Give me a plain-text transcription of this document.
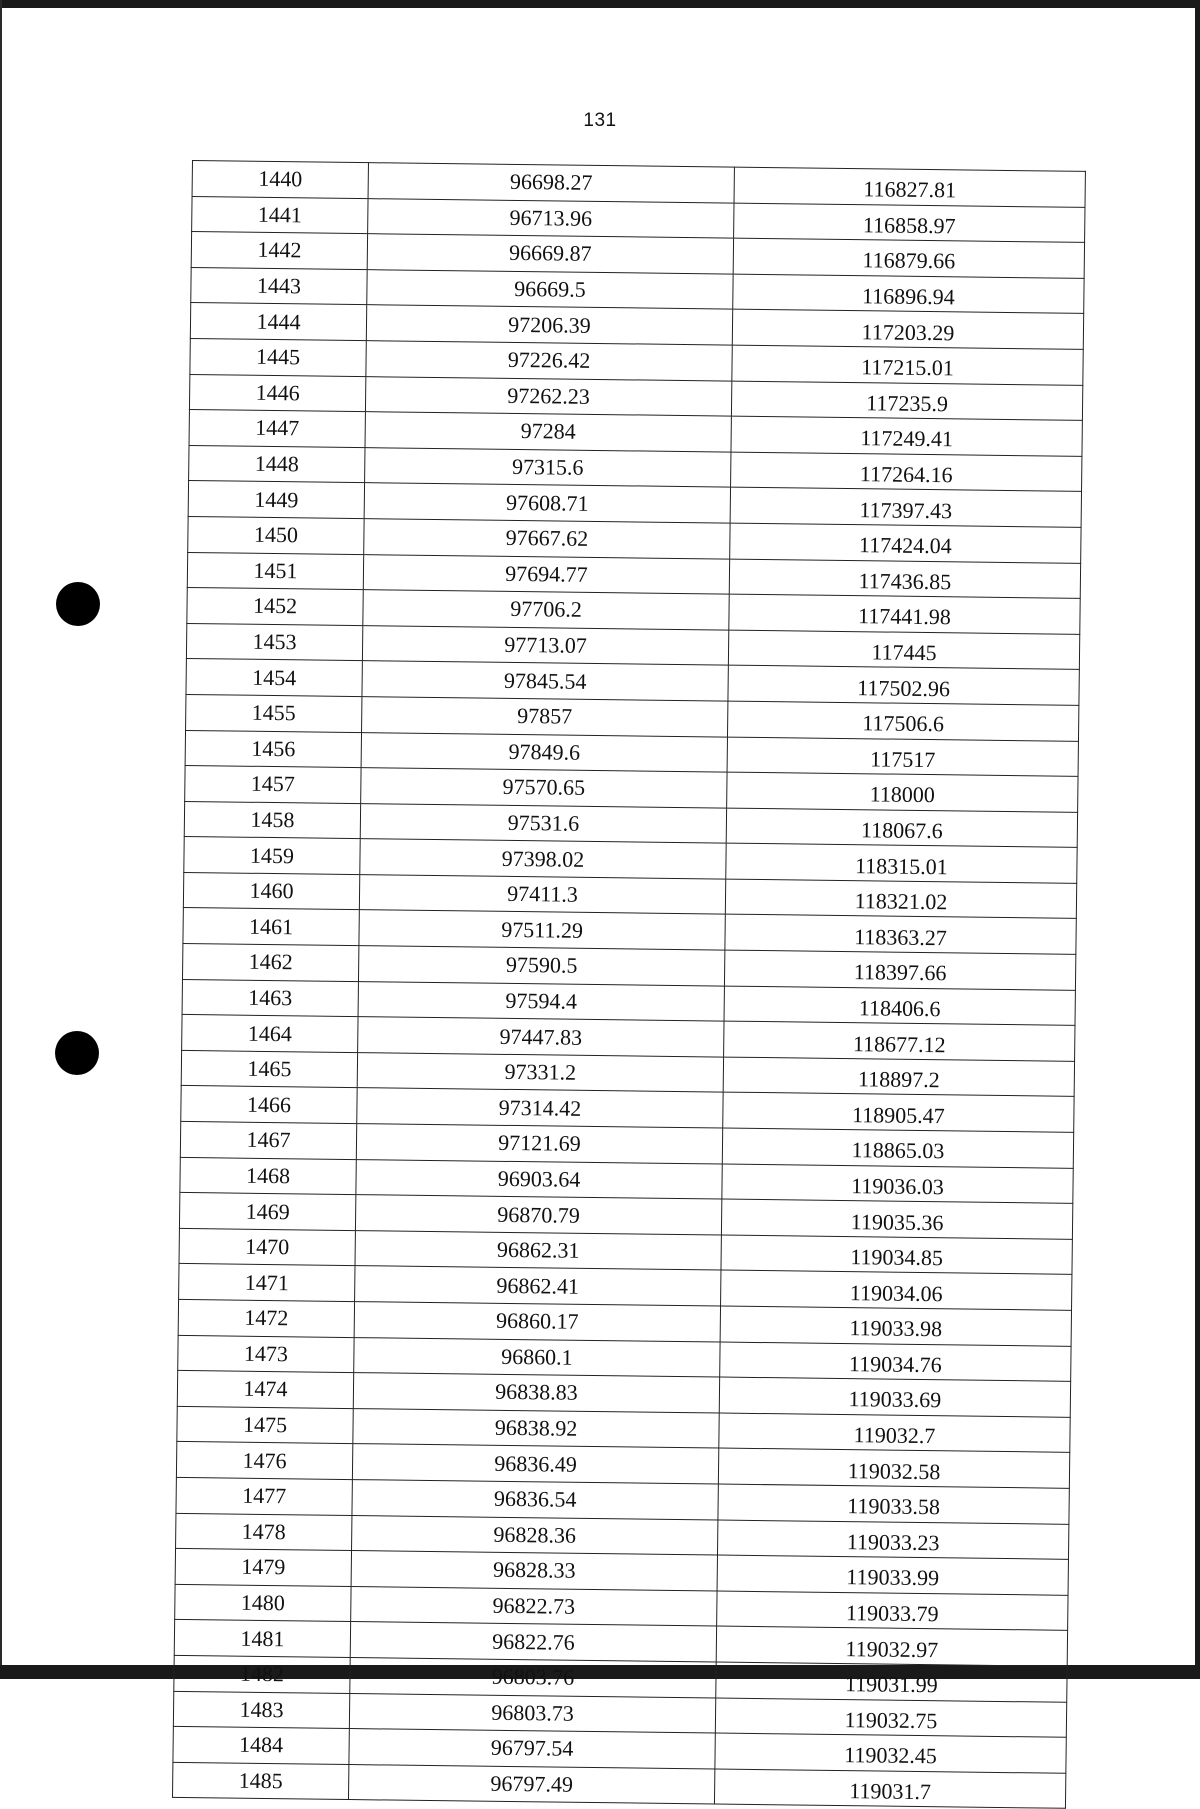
131
1440	96698.27	116827.81
1441	96713.96	116858.97
1442	96669.87	116879.66
1443	96669.5	116896.94
1444	97206.39	117203.29
1445	97226.42	117215.01
1446	97262.23	117235.9
1447	97284	117249.41
1448	97315.6	117264.16
1449	97608.71	117397.43
1450	97667.62	117424.04
1451	97694.77	117436.85
1452	97706.2	117441.98
1453	97713.07	117445
1454	97845.54	117502.96
1455	97857	117506.6
1456	97849.6	117517
1457	97570.65	118000
1458	97531.6	118067.6
1459	97398.02	118315.01
1460	97411.3	118321.02
1461	97511.29	118363.27
1462	97590.5	118397.66
1463	97594.4	118406.6
1464	97447.83	118677.12
1465	97331.2	118897.2
1466	97314.42	118905.47
1467	97121.69	118865.03
1468	96903.64	119036.03
1469	96870.79	119035.36
1470	96862.31	119034.85
1471	96862.41	119034.06
1472	96860.17	119033.98
1473	96860.1	119034.76
1474	96838.83	119033.69
1475	96838.92	119032.7
1476	96836.49	119032.58
1477	96836.54	119033.58
1478	96828.36	119033.23
1479	96828.33	119033.99
1480	96822.73	119033.79
1481	96822.76	119032.97
1482	96803.76	119031.99
1483	96803.73	119032.75
1484	96797.54	119032.45
1485	96797.49	119031.7
